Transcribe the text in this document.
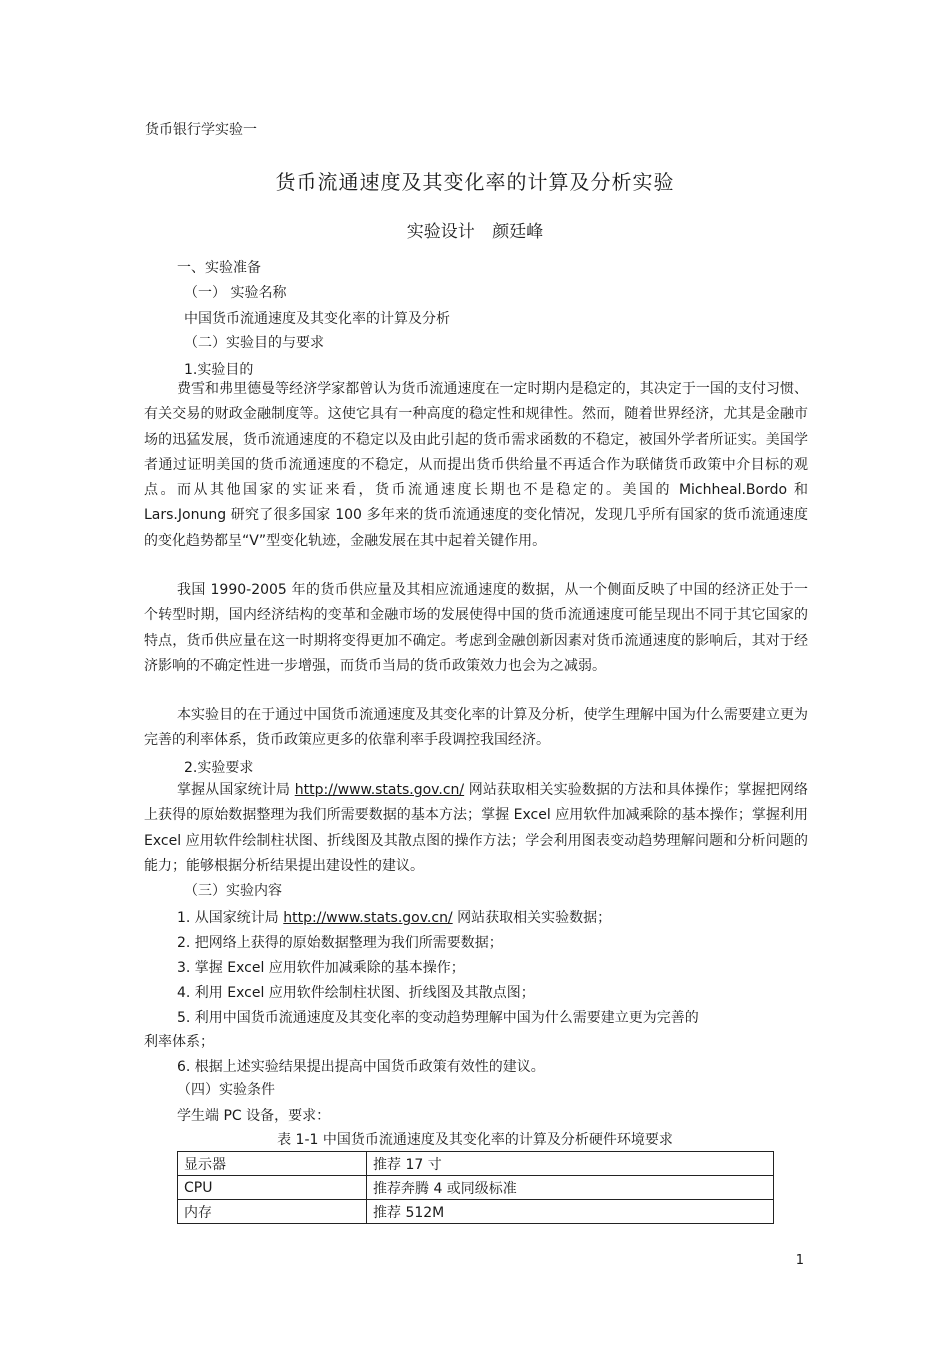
货币银行学实验一
货币流通速度及其变化率的计算及分析实验
实验设计 颜廷峰
一、实验准备
（一） 实验名称
中国货币流通速度及其变化率的计算及分析
（二）实验目的与要求
1.实验目的
费雪和弗里德曼等经济学家都曾认为货币流通速度在一定时期内是稳定的，其决定于一国的支付习惯、有关交易的财政金融制度等。这使它具有一种高度的稳定性和规律性。然而，随着世界经济，尤其是金融市场的迅猛发展，货币流通速度的不稳定以及由此引起的货币需求函数的不稳定，被国外学者所证实。美国学者通过证明美国的货币流通速度的不稳定，从而提出货币供给量不再适合作为联储货币政策中介目标的观点。而从其他国家的实证来看，货币流通速度长期也不是稳定的。美国的 Michheal.Bordo 和 Lars.Jonung 研究了很多国家 100 多年来的货币流通速度的变化情况，发现几乎所有国家的货币流通速度的变化趋势都呈“V”型变化轨迹，金融发展在其中起着关键作用。
我国 1990-2005 年的货币供应量及其相应流通速度的数据，从一个侧面反映了中国的经济正处于一个转型时期，国内经济结构的变革和金融市场的发展使得中国的货币流通速度可能呈现出不同于其它国家的特点，货币供应量在这一时期将变得更加不确定。考虑到金融创新因素对货币流通速度的影响后，其对于经济影响的不确定性进一步增强，而货币当局的货币政策效力也会为之减弱。
本实验目的在于通过中国货币流通速度及其变化率的计算及分析，使学生理解中国为什么需要建立更为完善的利率体系，货币政策应更多的依靠利率手段调控我国经济。
2.实验要求
掌握从国家统计局 http://www.stats.gov.cn/ 网站获取相关实验数据的方法和具体操作；掌握把网络上获得的原始数据整理为我们所需要数据的基本方法；掌握 Excel 应用软件加减乘除的基本操作；掌握利用 Excel 应用软件绘制柱状图、折线图及其散点图的操作方法；学会利用图表变动趋势理解问题和分析问题的能力；能够根据分析结果提出建设性的建议。
（三）实验内容
1. 从国家统计局 http://www.stats.gov.cn/ 网站获取相关实验数据；
2. 把网络上获得的原始数据整理为我们所需要数据；
3. 掌握 Excel 应用软件加减乘除的基本操作；
4. 利用 Excel 应用软件绘制柱状图、折线图及其散点图；
5. 利用中国货币流通速度及其变化率的变动趋势理解中国为什么需要建立更为完善的
利率体系；
6. 根据上述实验结果提出提高中国货币政策有效性的建议。
（四）实验条件
学生端 PC 设备，要求：
表 1-1 中国货币流通速度及其变化率的计算及分析硬件环境要求
显示器	推荐 17 寸
CPU	推荐奔腾 4 或同级标准
内存	推荐 512M
1
